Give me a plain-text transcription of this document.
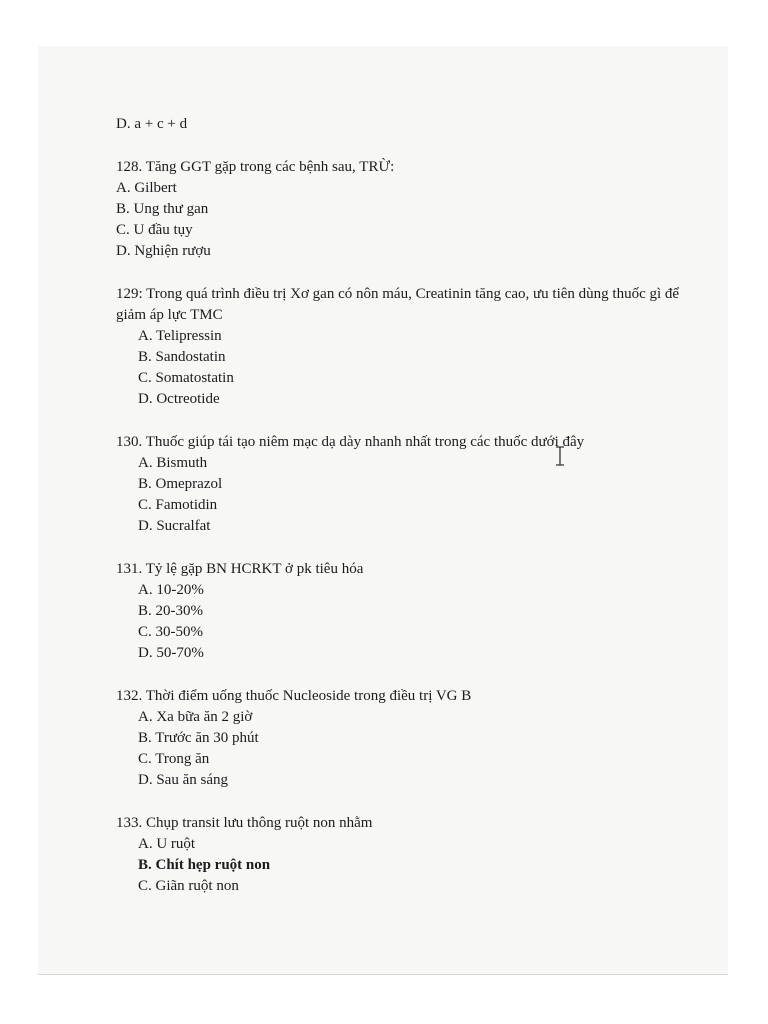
D. a + c + d

128. Tăng GGT gặp trong các bệnh sau, TRỪ:

A. Gilbert

B. Ung thư gan

C. U đầu tụy

D. Nghiện rượu

129: Trong quá trình điều trị Xơ gan có nôn máu, Creatinin tăng cao, ưu tiên dùng thuốc gì để giảm áp lực TMC

A. Telipressin

B. Sandostatin

C. Somatostatin

D. Octreotide

130. Thuốc giúp tái tạo niêm mạc dạ dày nhanh nhất trong các thuốc dưới đây

A. Bismuth

B. Omeprazol

C. Famotidin

D. Sucralfat

131. Tỷ lệ gặp BN HCRKT ở pk tiêu hóa

A. 10-20%

B. 20-30%

C. 30-50%

D. 50-70%

132. Thời điểm uống thuốc Nucleoside trong điều trị VG B

A. Xa bữa ăn 2 giờ

B. Trước ăn 30 phút

C. Trong ăn

D. Sau ăn sáng

133. Chụp transit lưu thông ruột non nhằm

A. U ruột

B. Chít hẹp ruột non

C. Giãn ruột non
